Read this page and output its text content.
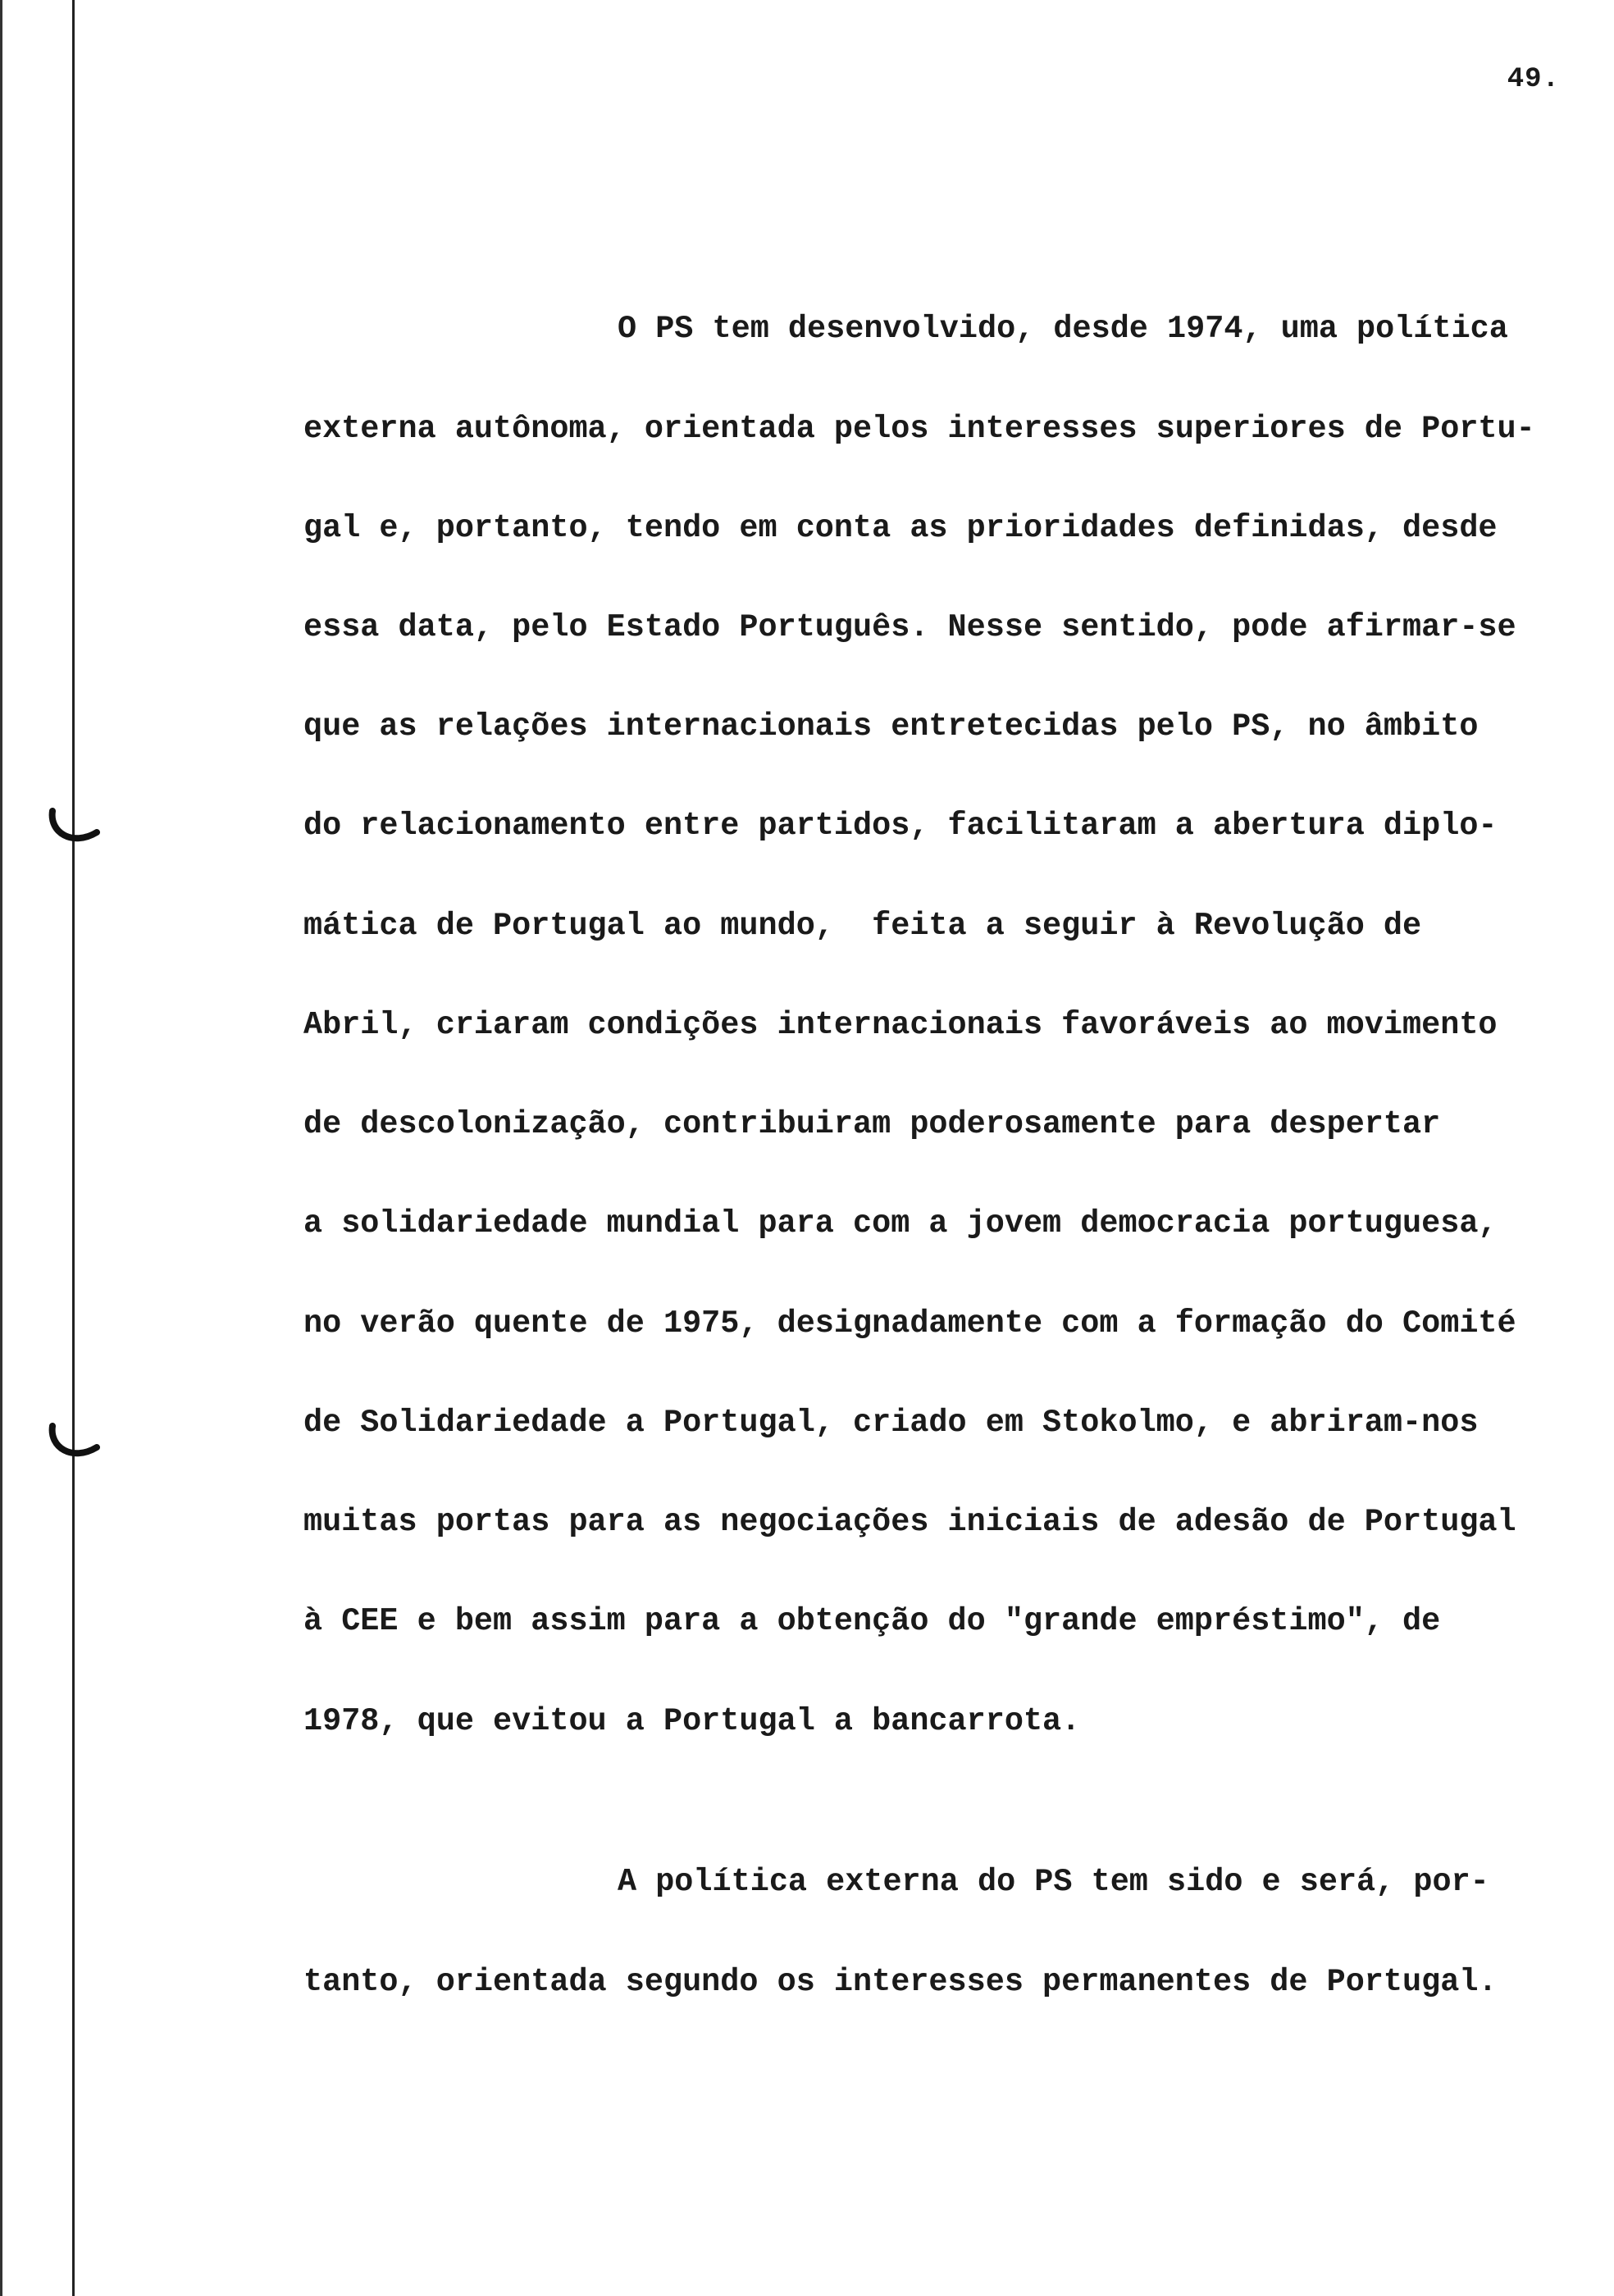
49.
O PS tem desenvolvido, desde 1974, uma política
externa autônoma, orientada pelos interesses superiores de Portu-
gal e, portanto, tendo em conta as prioridades definidas, desde
essa data, pelo Estado Português. Nesse sentido, pode afirmar-se
que as relações internacionais entretecidas pelo PS, no âmbito
do relacionamento entre partidos, facilitaram a abertura diplo-
mática de Portugal ao mundo,  feita a seguir à Revolução de
Abril, criaram condições internacionais favoráveis ao movimento
de descolonização, contribuiram poderosamente para despertar
a solidariedade mundial para com a jovem democracia portuguesa,
no verão quente de 1975, designadamente com a formação do Comité
de Solidariedade a Portugal, criado em Stokolmo, e abriram-nos
muitas portas para as negociações iniciais de adesão de Portugal
à CEE e bem assim para a obtenção do "grande empréstimo", de
1978, que evitou a Portugal a bancarrota.
A política externa do PS tem sido e será, por-
tanto, orientada segundo os interesses permanentes de Portugal.
